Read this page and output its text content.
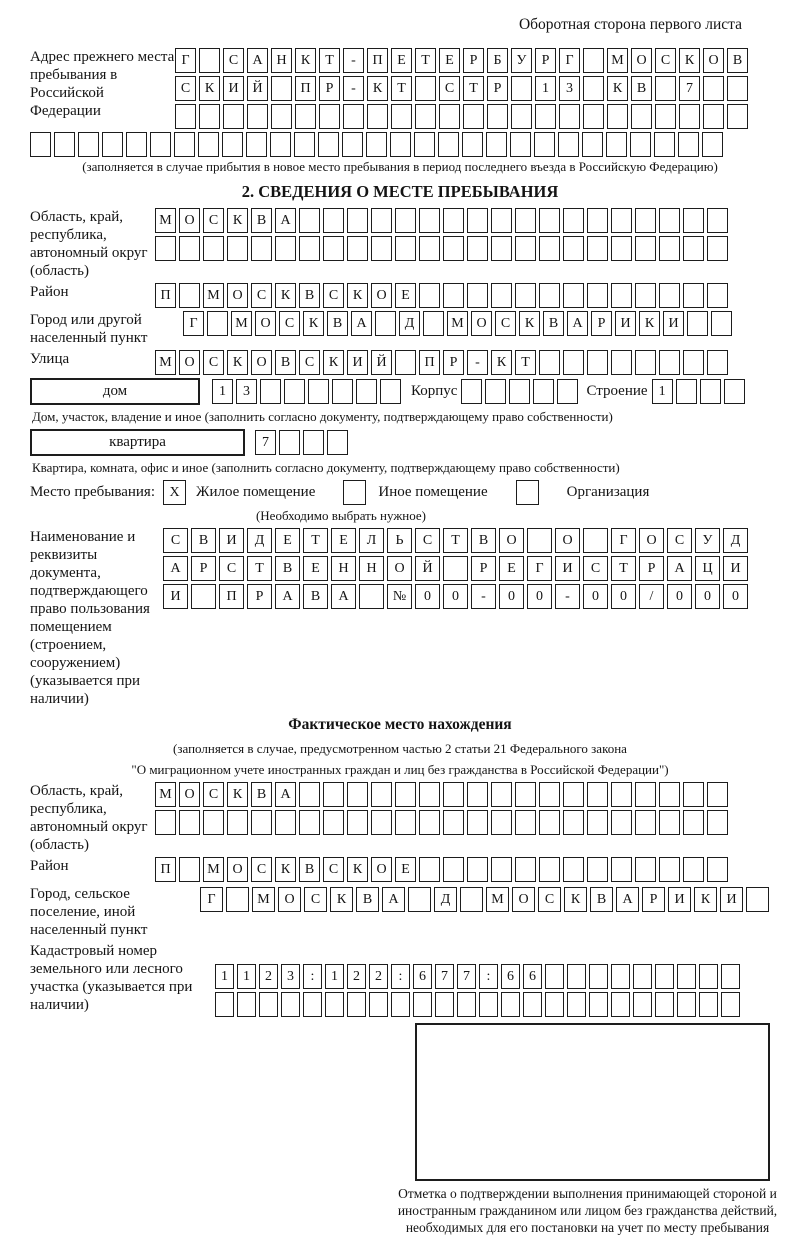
Оборотная сторона первого листа
Адрес прежнего места пребывания в Российской Федерации
Г	С	А Н	К	Т	-	П	Е	Т	Е	Р	Б	У	Р	Г	М О	С	К	О	В
С	К	И Й	П	Р	-	К	Т	С	Т	Р	1	3	К	В	7
(заполняется в случае прибытия в новое место пребывания в период последнего въезда в Российскую Федерацию)
2. СВЕДЕНИЯ О МЕСТЕ ПРЕБЫВАНИЯ
Область, край, республика, автономный округ (область)
М О	С	К	В	А
Район	П	М О	С	К	В	С	К	О	Е
Город или другой населенный пункт
Г	М О	С	К	В	А	Д	М О	С	К	В	А	Р	И	К	И
Улица	М О	С	К	О	В	С	К	И Й	П	Р	-	К	Т
дом	1	3	Корпус	Строение 1
Дом, участок, владение и иное (заполнить согласно документу, подтверждающему право собственности)
квартира	7
Квартира, комната, офис и иное (заполнить согласно документу, подтверждающему право собственности)
Место пребывания:	X	Жилое помещение	Иное помещение	Организация
(Необходимо выбрать нужное)
Наименование и реквизиты документа, подтверждающего право пользования помещением (строением, сооружением) (указывается при наличии)
С	В	И	Д	Е	Т	Е	Л	Ь	С	Т	В	О	О	Г	О	С	У	Д
А	Р	С	Т	В	Е	Н	Н	О	Й	Р	Е	Г	И	С	Т	Р	А	Ц	И
И	П	Р	А	В	А	№	0	0	-	0	0	-	0	0	/	0	0	0
Фактическое место нахождения
(заполняется в случае, предусмотренном частью 2 статьи 21 Федерального закона
"О миграционном учете иностранных граждан и лиц без гражданства в Российской Федерации")
Область, край, республика, автономный округ (область)
М О	С	К	В	А
Район	П	М О	С	К	В	С	К	О	Е
Город, сельское поселение, иной населенный пункт
Г	М	О	С	К	В	А	Д	М	О	С	К	В	А	Р	И	К	И
Кадастровый номер земельного или лесного участка (указывается при наличии)
1	1	2	3	:	1	2	2	:	6	7	7	:	6	6
Отметка о подтверждении выполнения принимающей стороной и иностранным гражданином или лицом без гражданства действий, необходимых для его постановки на учет по месту пребывания
